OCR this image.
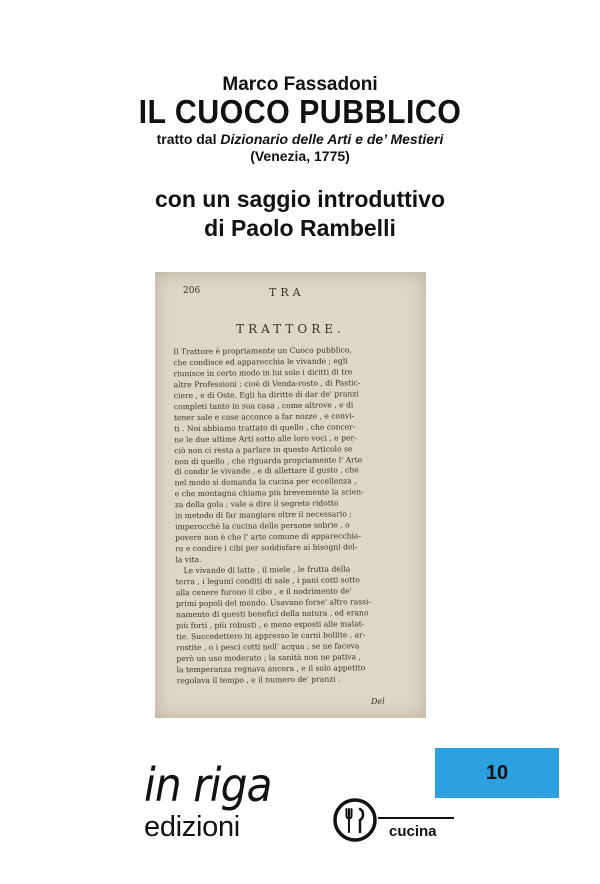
Marco Fassadoni
IL CUOCO PUBBLICO
tratto dal Dizionario delle Arti e de’ Mestieri
(Venezia, 1775)
con un saggio introduttivo
di Paolo Rambelli
206	TRA
TRATTORE.
Il Trattore è propriamente un Cuoco pubblico,
che condisce ed apparecchia le vivande ; egli
riunisce in certo modo in lui solo i diritti di tre
altre Professioni : cioè di Venda-rosto , di Pastic-
ciere , e di Oste. Egli ha diritto di dar de' pranzi
completi tanto in sua casa , come altrove , e di
tener sale e case acconce a far nozze , e convi-
ti . Noi abbiamo trattato di quello , che concer-
ne le due ultime Arti sotto alle loro voci , e per-
ciò non ci resta a parlare in questo Articolo se
non di quello , che riguarda propriamente l' Arte
di condir le vivande , e di allettare il gusto , che
nel modo si domanda la cucina per eccellenza ,
e che montagna chiama più brevemente la scien-
za della gola ; vale a dire il segreto ridotto
in metodo di far mangiare oltre il necessario ;
imperocchè la cucina delle persone sobrie , o
povere non è che l' arte comune di apparecchia-
re e condire i cibi per soddisfare ai bisogni del-
la vita.
Le vivande di latte , il miele , le frutta della
terra , i legumi conditi di sale , i pani cotti sotto
alla cenere furono il cibo , e il nodrimento de'
primi popoli del mondo. Usavano forse' altro rassi-
namento di questi benefici della natura , ed erano
più forti , più robusti , e meno esposti alle malat-
tie. Succedettero in appresso le carni bollite , ar-
rostite , o i pesci cotti nell' acqua ; se ne faceva
però un uso moderato ; la sanità non ne pativa ,
la temperanza regnava ancora , e il solo appetito
regolava il tempo , e il numero de' pranzi .
Del
in riga
edizioni	cucina
10
